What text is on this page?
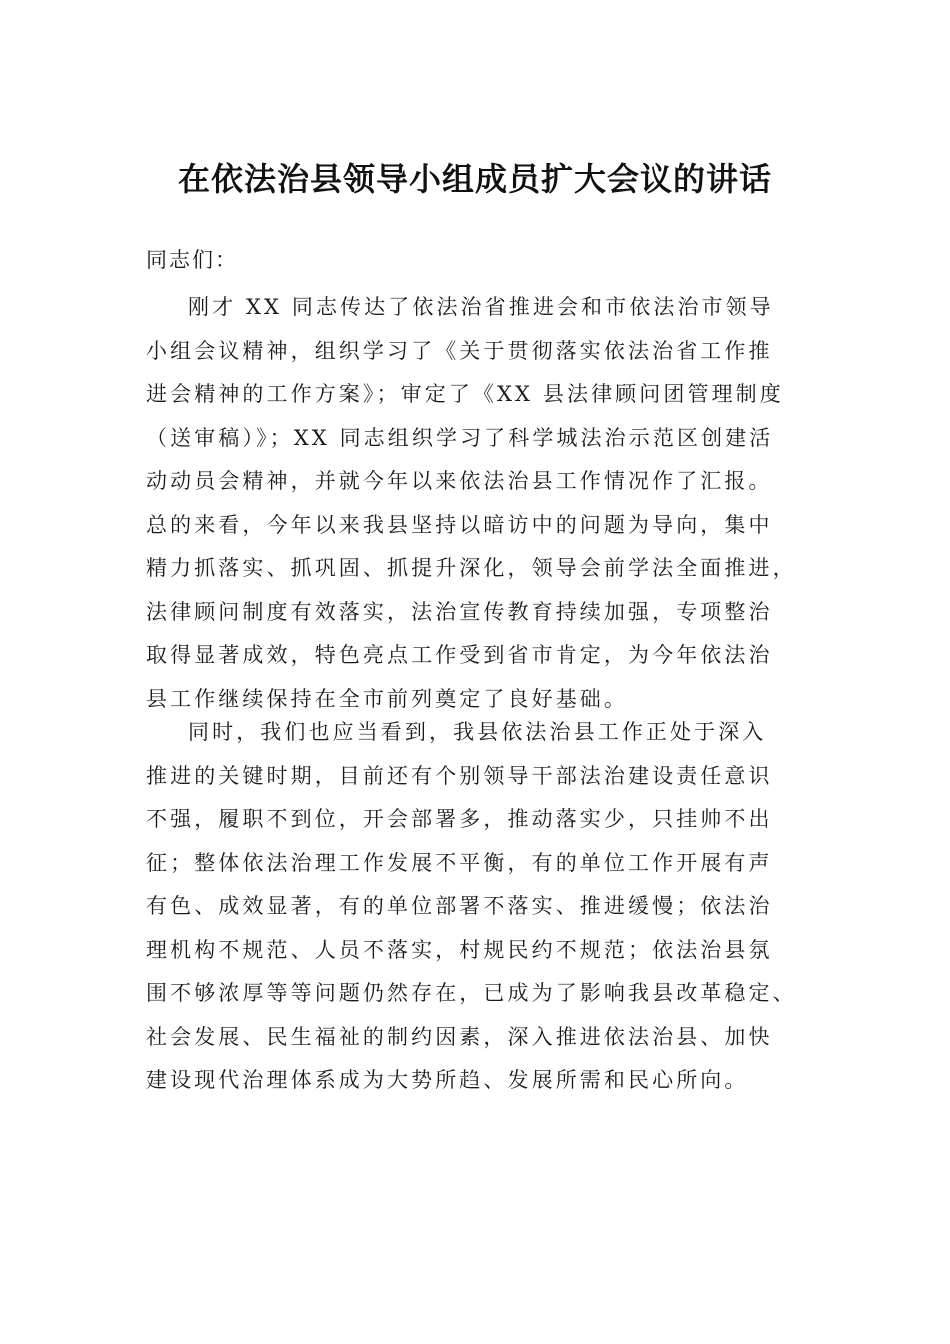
在依法治县领导小组成员扩大会议的讲话

同志们：

刚才 XX 同志传达了依法治省推进会和市依法治市领导
小组会议精神，组织学习了《关于贯彻落实依法治省工作推
进会精神的工作方案》；审定了《XX 县法律顾问团管理制度
（送审稿）》；XX 同志组织学习了科学城法治示范区创建活
动动员会精神，并就今年以来依法治县工作情况作了汇报。
总的来看，今年以来我县坚持以暗访中的问题为导向，集中
精力抓落实、抓巩固、抓提升深化，领导会前学法全面推进，
法律顾问制度有效落实，法治宣传教育持续加强，专项整治
取得显著成效，特色亮点工作受到省市肯定，为今年依法治
县工作继续保持在全市前列奠定了良好基础。

同时，我们也应当看到，我县依法治县工作正处于深入
推进的关键时期，目前还有个别领导干部法治建设责任意识
不强，履职不到位，开会部署多，推动落实少，只挂帅不出
征；整体依法治理工作发展不平衡，有的单位工作开展有声
有色、成效显著，有的单位部署不落实、推进缓慢；依法治
理机构不规范、人员不落实，村规民约不规范；依法治县氛
围不够浓厚等等问题仍然存在，已成为了影响我县改革稳定、
社会发展、民生福祉的制约因素，深入推进依法治县、加快
建设现代治理体系成为大势所趋、发展所需和民心所向。
